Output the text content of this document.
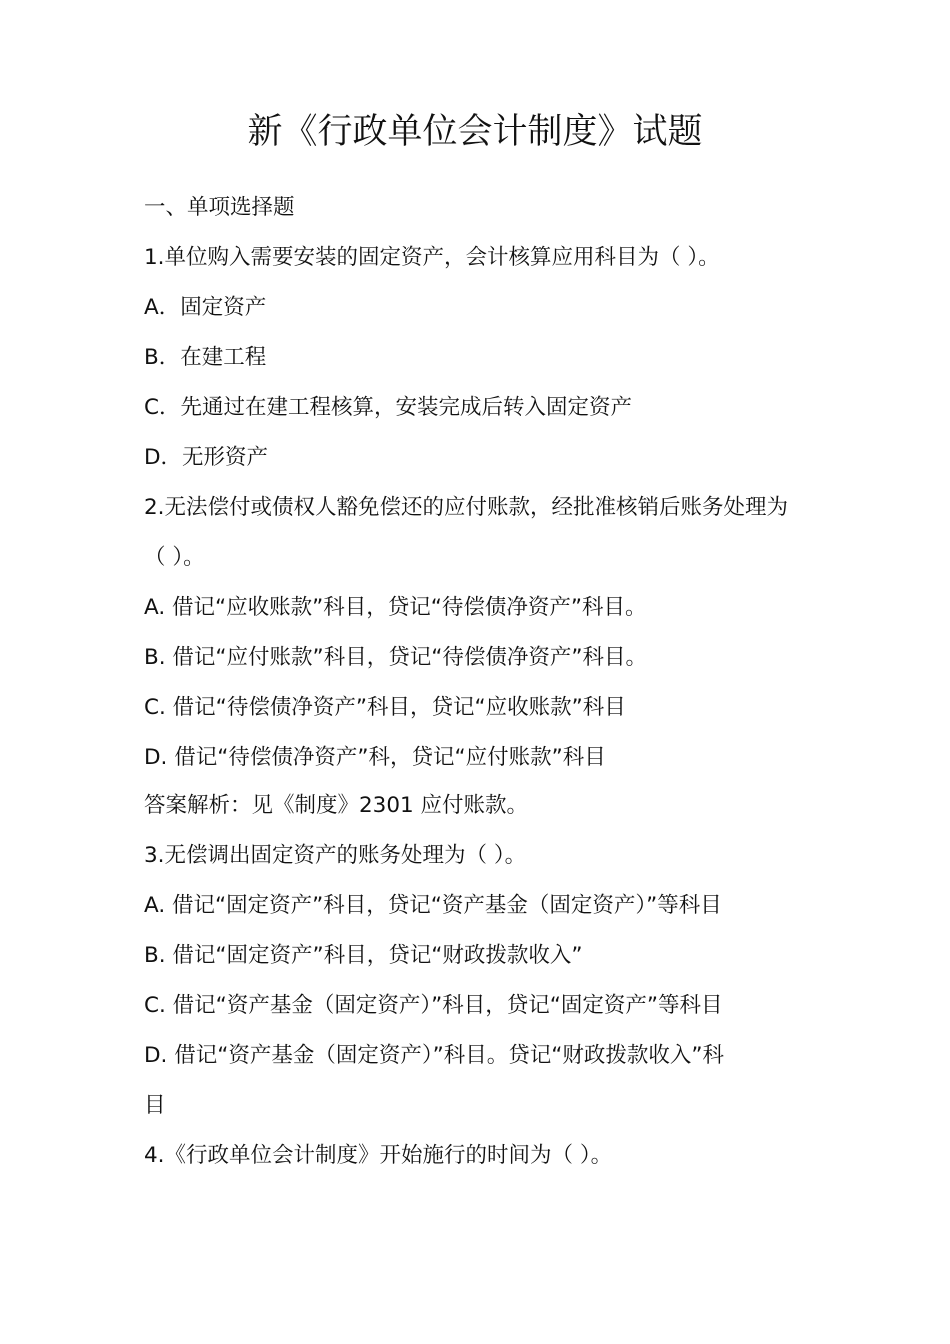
新《行政单位会计制度》试题
一、单项选择题
1.单位购入需要安装的固定资产，会计核算应用科目为（ ）。
A．固定资产
B．在建工程
C．先通过在建工程核算，安装完成后转入固定资产
D．无形资产
2.无法偿付或债权人豁免偿还的应付账款，经批准核销后账务处理为
（ ）。
A. 借记“应收账款”科目，贷记“待偿债净资产”科目。
B. 借记“应付账款”科目，贷记“待偿债净资产”科目。
C. 借记“待偿债净资产”科目，贷记“应收账款”科目
D. 借记“待偿债净资产”科，贷记“应付账款”科目
答案解析：见《制度》2301 应付账款。
3.无偿调出固定资产的账务处理为（ ）。
A. 借记“固定资产”科目，贷记“资产基金（固定资产）”等科目
B. 借记“固定资产”科目，贷记“财政拨款收入”
C. 借记“资产基金（固定资产）”科目，贷记“固定资产”等科目
D. 借记“资产基金（固定资产）”科目。贷记“财政拨款收入”科
目
4.《行政单位会计制度》开始施行的时间为（ ）。
